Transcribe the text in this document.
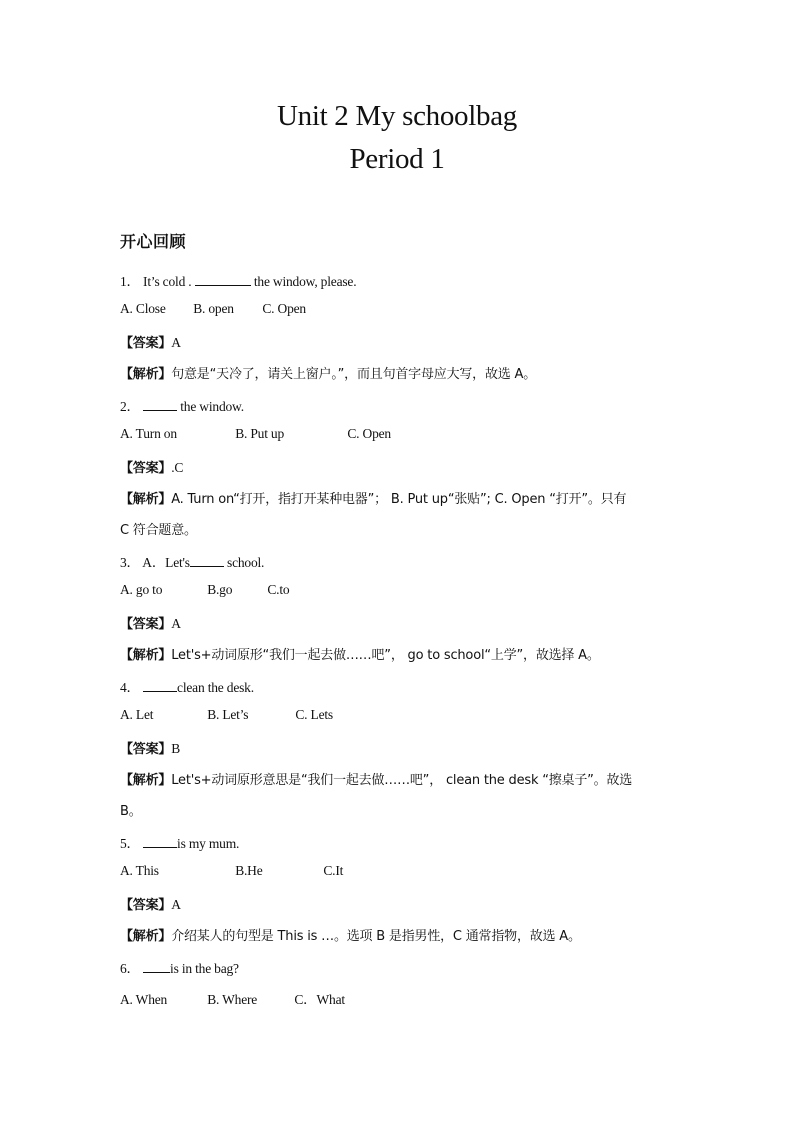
Unit 2 My schoolbag
Period 1
开心回顾
1． It’s cold .	the window, please.
A. Close B. open C. Open
【答案】A
【解析】句意是“天冷了，请关上窗户。”，而且句首字母应大写，故选 A。
2．	the window.
A. Turn on	B. Put up	C. Open
【答案】.C
【解析】A. Turn on“打开，指打开某种电器”； B. Put up“张贴”; C. Open “打开”。只有
C 符合题意。
3． A．Let's	school.
A. go to	B.go	C.to
【答案】A
【解析】Let's+动词原形“我们一起去做……吧”， go to school“上学”，故选择 A。
4．	clean the desk.
A. Let	B. Let’s	C. Lets
【答案】B
【解析】Let's+动词原形意思是“我们一起去做……吧”， clean the desk “擦桌子”。故选
B。
5．	is my mum.
A. This	B.He	C.It
【答案】A
【解析】介绍某人的句型是 This is …。选项 B 是指男性，C 通常指物，故选 A。
6． is in the bag?
A. When	B. Where	C．What
